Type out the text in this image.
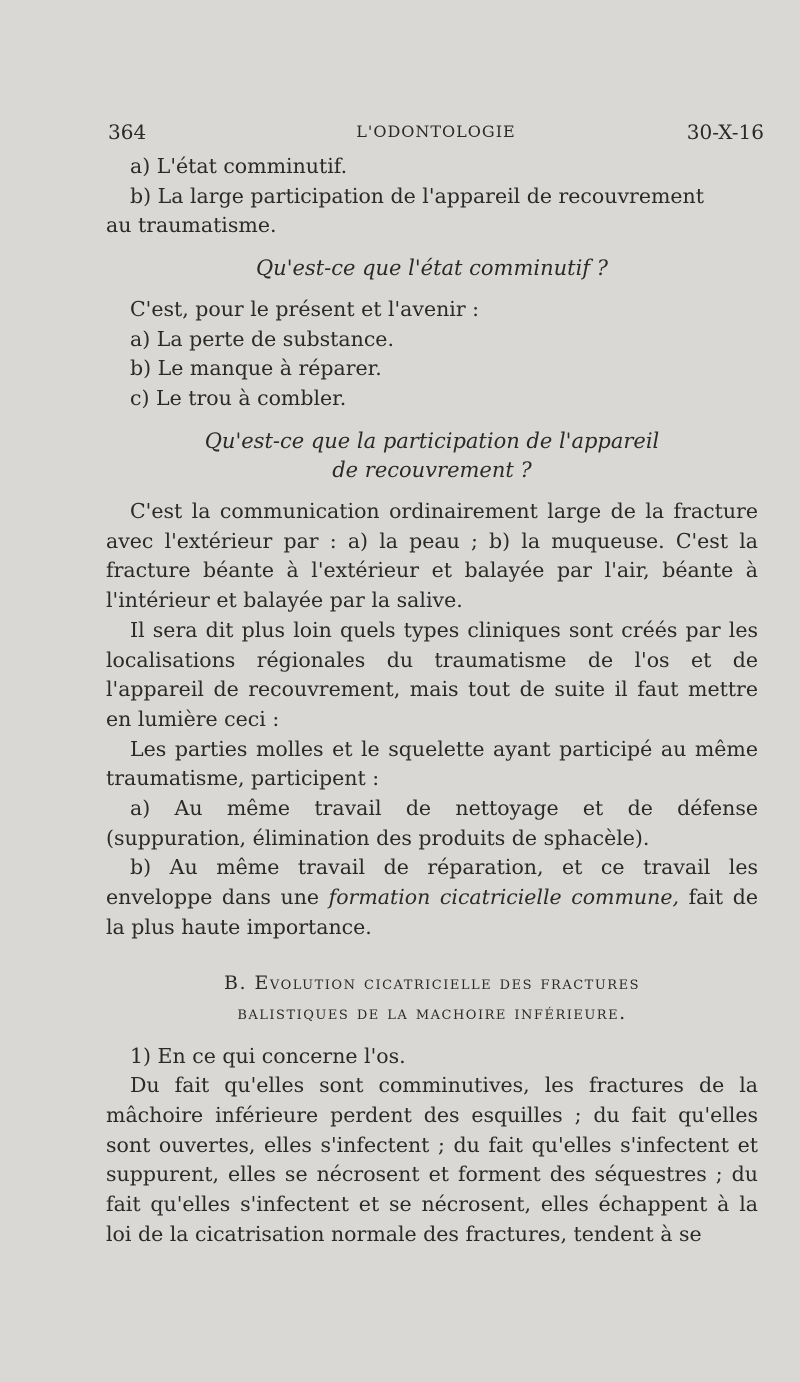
364	L'ODONTOLOGIE	30-X-16

a) L'état comminutif.

b) La large participation de l'appareil de recouvrement

au traumatisme.

Qu'est-ce que l'état comminutif ?

C'est, pour le présent et l'avenir :

a) La perte de substance.

b) Le manque à réparer.

c) Le trou à combler.

Qu'est-ce que la participation de l'appareil

de recouvrement ?

C'est la communication ordinairement large de la fracture avec l'extérieur par : a) la peau ; b) la muqueuse. C'est la fracture béante à l'extérieur et balayée par l'air, béante à l'intérieur et balayée par la salive.

Il sera dit plus loin quels types cliniques sont créés par les localisations régionales du traumatisme de l'os et de l'appareil de recouvrement, mais tout de suite il faut mettre en lumière ceci :

Les parties molles et le squelette ayant participé au même traumatisme, participent :

a) Au même travail de nettoyage et de défense (suppuration, élimination des produits de sphacèle).

b) Au même travail de réparation, et ce travail les enveloppe dans une formation cicatricielle commune, fait de la plus haute importance.

B. Evolution cicatricielle des fractures

balistiques de la machoire inférieure.

1) En ce qui concerne l'os.

Du fait qu'elles sont comminutives, les fractures de la mâchoire inférieure perdent des esquilles ; du fait qu'elles sont ouvertes, elles s'infectent ; du fait qu'elles s'infectent et suppurent, elles se nécrosent et forment des séquestres ; du fait qu'elles s'infectent et se nécrosent, elles échappent à la loi de la cicatrisation normale des fractures, tendent à se
